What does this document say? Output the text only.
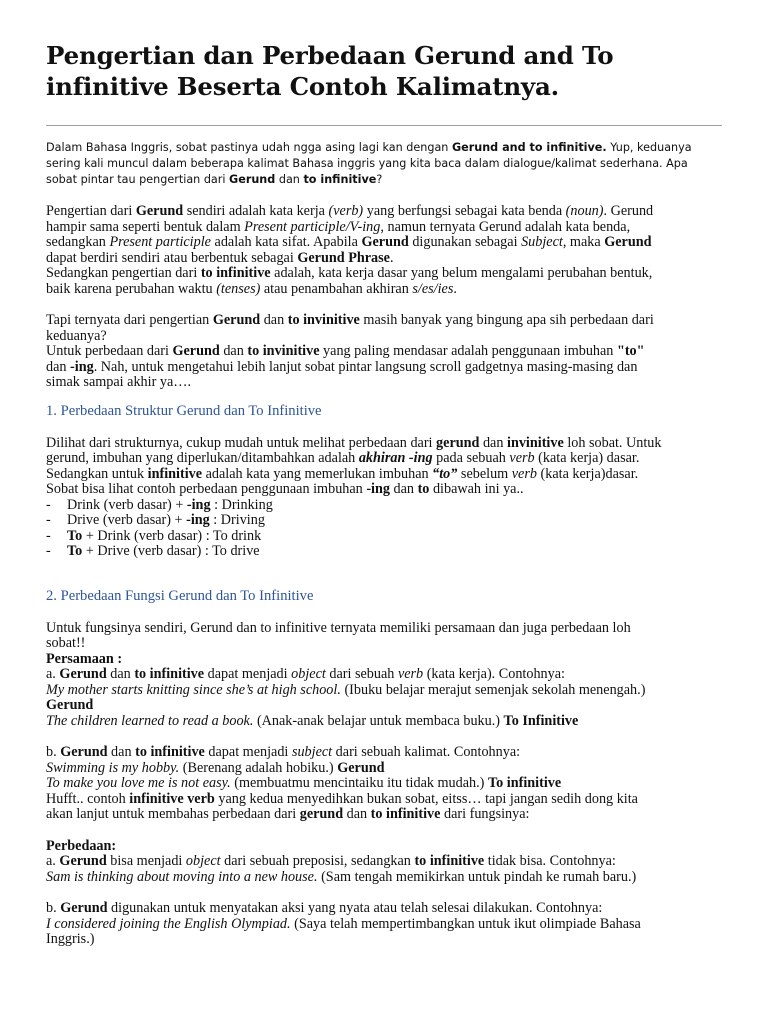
Pengertian dan Perbedaan Gerund and To
infinitive Beserta Contoh Kalimatnya.

Dalam Bahasa Inggris, sobat pastinya udah ngga asing lagi kan dengan Gerund and to infinitive. Yup, keduanya
sering kali muncul dalam beberapa kalimat Bahasa inggris yang kita baca dalam dialogue/kalimat sederhana. Apa
sobat pintar tau pengertian dari Gerund dan to infinitive?

Pengertian dari Gerund sendiri adalah kata kerja (verb) yang berfungsi sebagai kata benda (noun). Gerund
hampir sama seperti bentuk dalam Present participle/V-ing, namun ternyata Gerund adalah kata benda,
sedangkan Present participle adalah kata sifat. Apabila Gerund digunakan sebagai Subject, maka Gerund
dapat berdiri sendiri atau berbentuk sebagai Gerund Phrase.
Sedangkan pengertian dari to infinitive adalah, kata kerja dasar yang belum mengalami perubahan bentuk,
baik karena perubahan waktu (tenses) atau penambahan akhiran s/es/ies.

Tapi ternyata dari pengertian Gerund dan to invinitive masih banyak yang bingung apa sih perbedaan dari
keduanya?
Untuk perbedaan dari Gerund dan to invinitive yang paling mendasar adalah penggunaan imbuhan "to"
dan -ing. Nah, untuk mengetahui lebih lanjut sobat pintar langsung scroll gadgetnya masing-masing dan
simak sampai akhir ya….

1. Perbedaan Struktur Gerund dan To Infinitive

Dilihat dari strukturnya, cukup mudah untuk melihat perbedaan dari gerund dan invinitive loh sobat. Untuk
gerund, imbuhan yang diperlukan/ditambahkan adalah akhiran -ing pada sebuah verb (kata kerja) dasar.
Sedangkan untuk infinitive adalah kata yang memerlukan imbuhan “to” sebelum verb (kata kerja)dasar.
Sobat bisa lihat contoh perbedaan penggunaan imbuhan -ing dan to dibawah ini ya..
- Drink (verb dasar) + -ing : Drinking
- Drive (verb dasar) + -ing : Driving
- To + Drink (verb dasar) : To drink
- To + Drive (verb dasar) : To drive

2. Perbedaan Fungsi Gerund dan To Infinitive

Untuk fungsinya sendiri, Gerund dan to infinitive ternyata memiliki persamaan dan juga perbedaan loh
sobat!!
Persamaan :
a. Gerund dan to infinitive dapat menjadi object dari sebuah verb (kata kerja). Contohnya:
My mother starts knitting since she’s at high school. (Ibuku belajar merajut semenjak sekolah menengah.)
Gerund
The children learned to read a book. (Anak-anak belajar untuk membaca buku.) To Infinitive

b. Gerund dan to infinitive dapat menjadi subject dari sebuah kalimat. Contohnya:
Swimming is my hobby. (Berenang adalah hobiku.) Gerund
To make you love me is not easy. (membuatmu mencintaiku itu tidak mudah.) To infinitive
Hufft.. contoh infinitive verb yang kedua menyedihkan bukan sobat, eitss… tapi jangan sedih dong kita
akan lanjut untuk membahas perbedaan dari gerund dan to infinitive dari fungsinya:

Perbedaan:
a. Gerund bisa menjadi object dari sebuah preposisi, sedangkan to infinitive tidak bisa. Contohnya:
Sam is thinking about moving into a new house. (Sam tengah memikirkan untuk pindah ke rumah baru.)

b. Gerund digunakan untuk menyatakan aksi yang nyata atau telah selesai dilakukan. Contohnya:
I considered joining the English Olympiad. (Saya telah mempertimbangkan untuk ikut olimpiade Bahasa
Inggris.)
